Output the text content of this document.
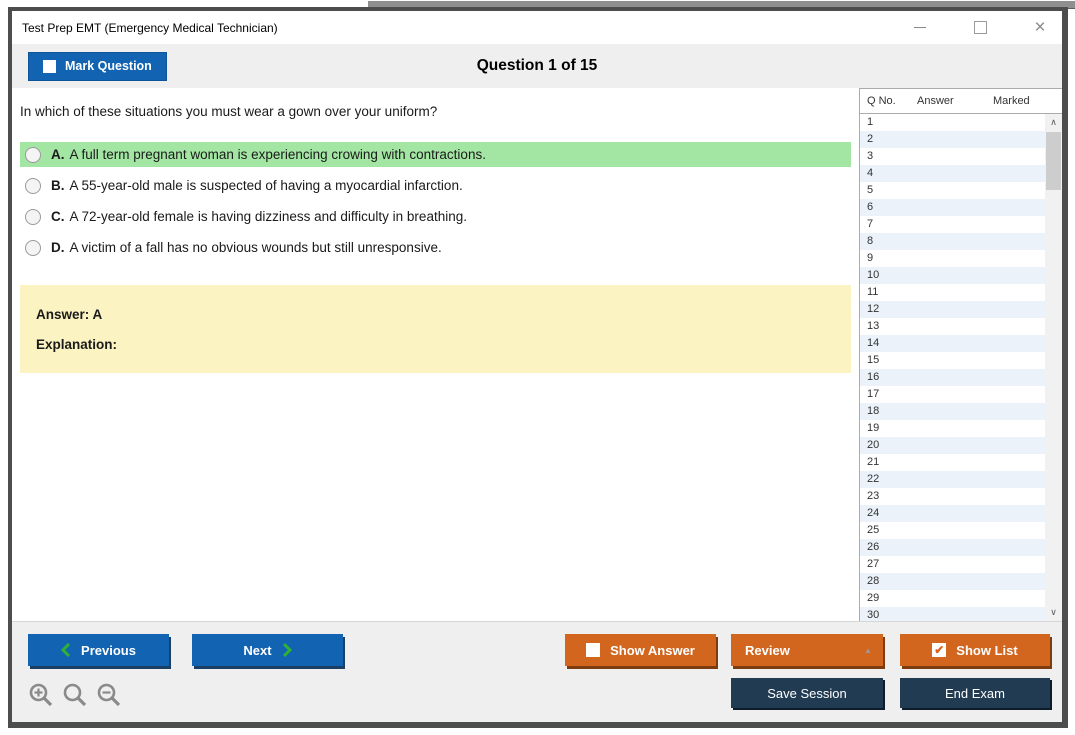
Test Prep EMT (Emergency Medical Technician)	×
Question 1 of 15
Mark Question
In which of these situations you must wear a gown over your uniform?
A. A full term pregnant woman is experiencing crowing with contractions.
B. A 55-year-old male is suspected of having a myocardial infarction.
C. A 72-year-old female is having dizziness and difficulty in breathing.
D. A victim of a fall has no obvious wounds but still unresponsive.
Answer: A
Explanation:
Q No.	Answer	Marked
1
2
3
4
5
6
7
8
9
10
11
12
13
14
15
16
17
18
19
20
21
22
23
24
25
26
27
28
29
30
∧
∨
Previous	Next	Show Answer	Review	▲	✔ Show List
Save Session	End Exam
